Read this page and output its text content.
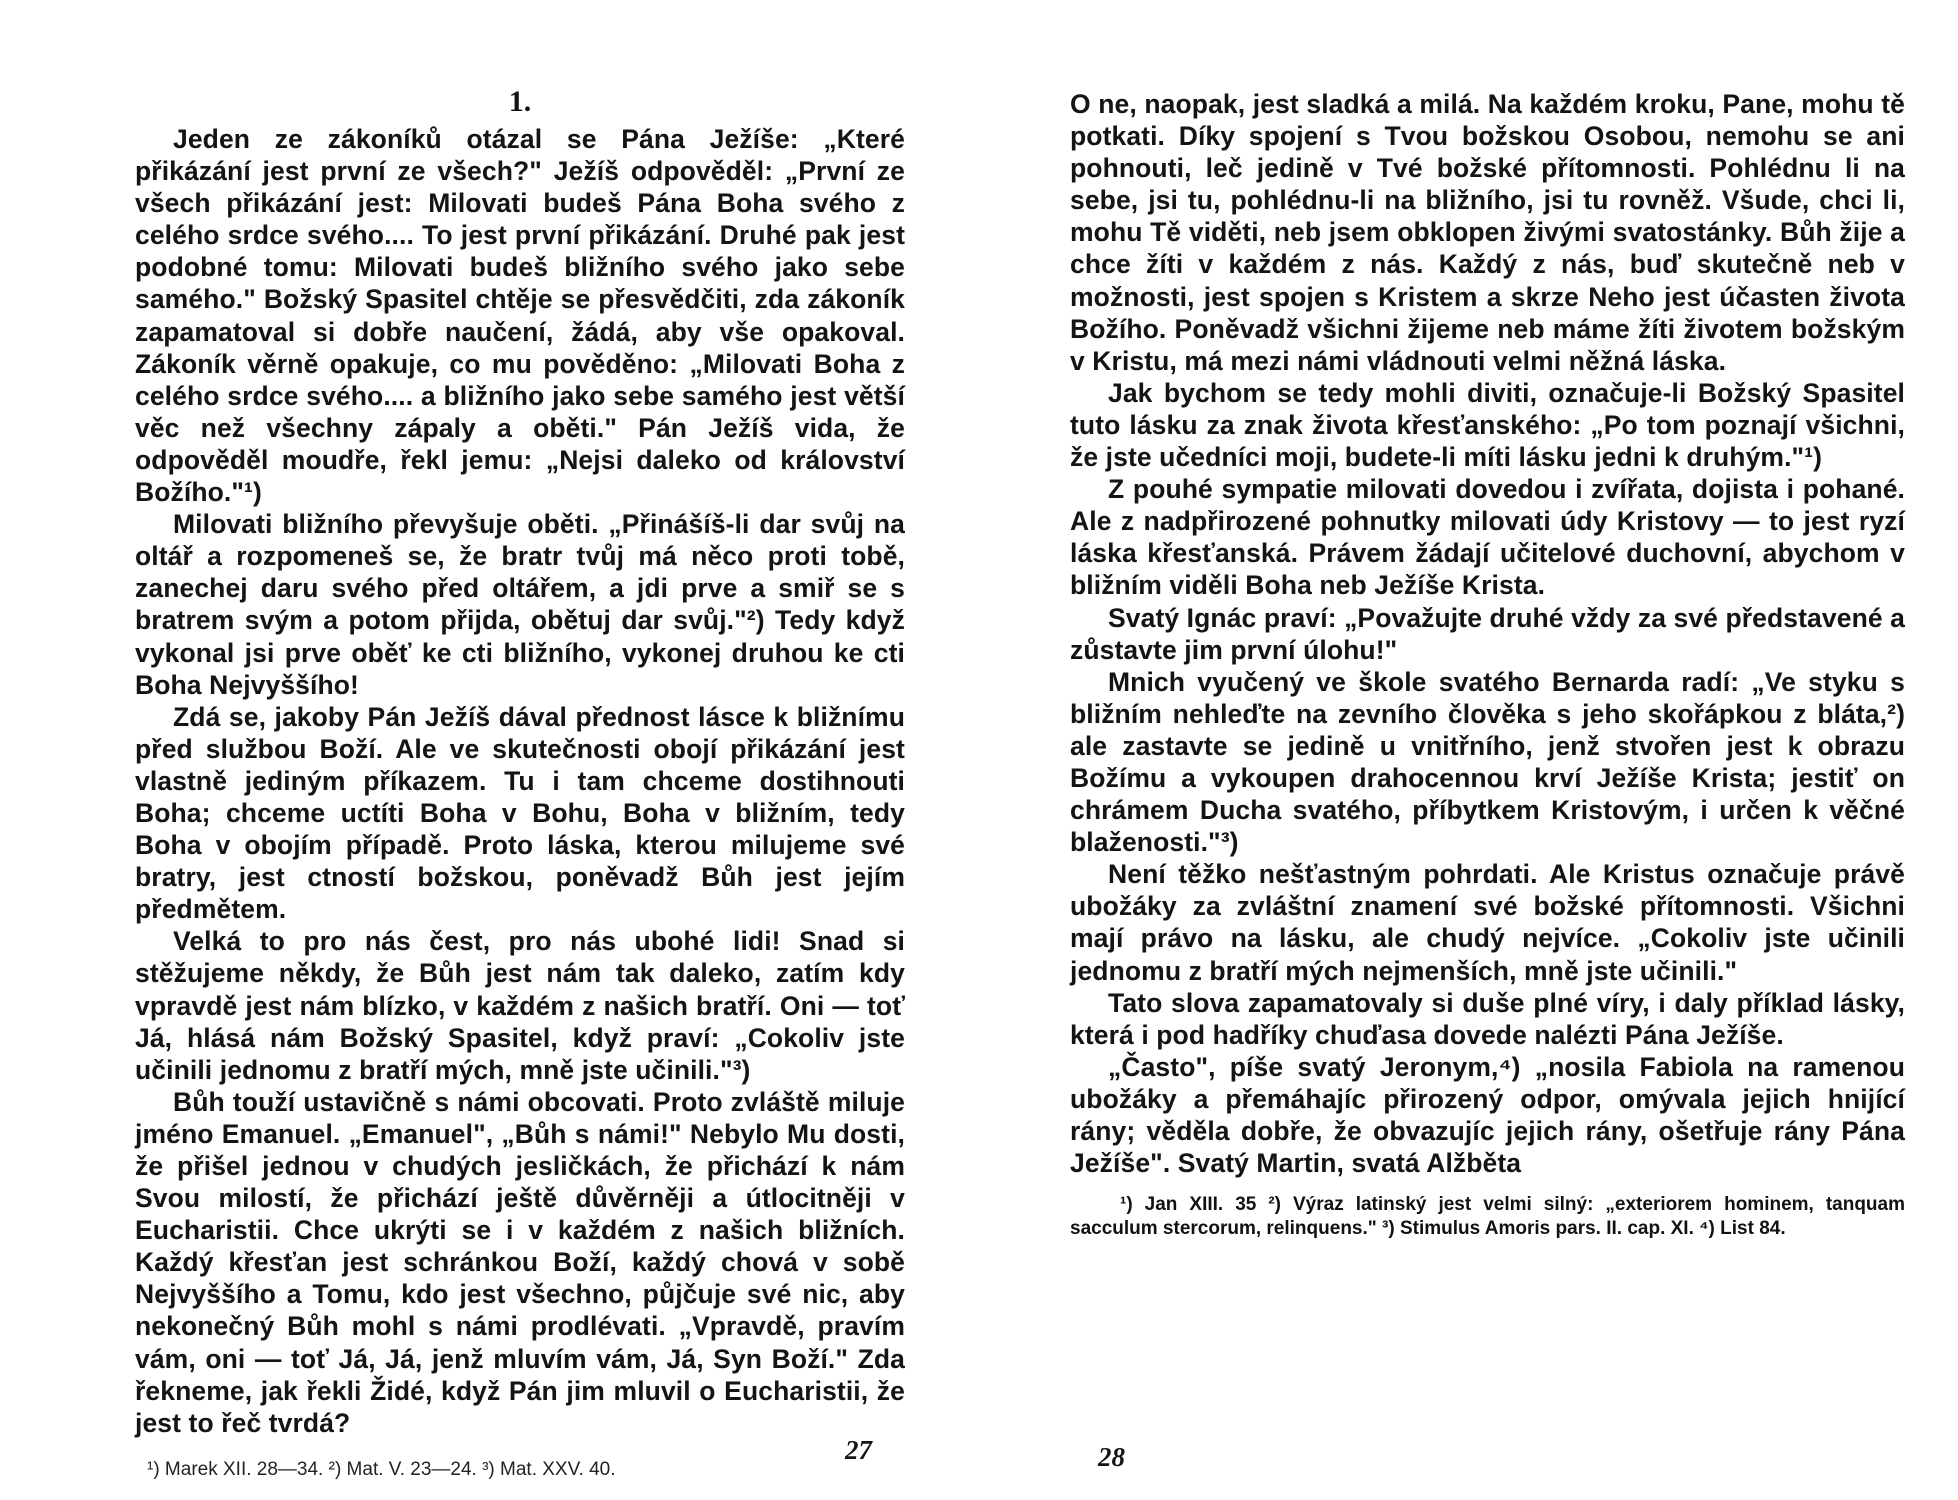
1.

Jeden ze zákoníků otázal se Pána Ježíše: „Které přikázání jest první ze všech?" Ježíš odpověděl: „První ze všech přikázání jest: Milovati budeš Pána Boha svého z celého srdce svého.... To jest první přikázání. Druhé pak jest podobné tomu: Milovati budeš bližního svého jako sebe samého." Božský Spasitel chtěje se přesvědčiti, zda zákoník zapamatoval si dobře naučení, žádá, aby vše opakoval. Zákoník věrně opakuje, co mu pověděno: „Milovati Boha z celého srdce svého.... a bližního jako sebe samého jest větší věc než všechny zápaly a oběti." Pán Ježíš vida, že odpověděl moudře, řekl jemu: „Nejsi daleko od království Božího."¹)

Milovati bližního převyšuje oběti. „Přinášíš-li dar svůj na oltář a rozpomeneš se, že bratr tvůj má něco proti tobě, zanechej daru svého před oltářem, a jdi prve a smiř se s bratrem svým a potom přijda, obětuj dar svůj."²) Tedy když vykonal jsi prve oběť ke cti bližního, vykonej druhou ke cti Boha Nejvyššího!

Zdá se, jakoby Pán Ježíš dával přednost lásce k bližnímu před službou Boží. Ale ve skutečnosti obojí přikázání jest vlastně jediným příkazem. Tu i tam chceme dostihnouti Boha; chceme uctíti Boha v Bohu, Boha v bližním, tedy Boha v obojím případě. Proto láska, kterou milujeme své bratry, jest ctností božskou, poněvadž Bůh jest jejím předmětem.

Velká to pro nás čest, pro nás ubohé lidi! Snad si stěžujeme někdy, že Bůh jest nám tak daleko, zatím kdy vpravdě jest nám blízko, v každém z našich bratří. Oni — toť Já, hlásá nám Božský Spasitel, když praví: „Cokoliv jste učinili jednomu z bratří mých, mně jste učinili."³)

Bůh touží ustavičně s námi obcovati. Proto zvláště miluje jméno Emanuel. „Emanuel", „Bůh s námi!" Nebylo Mu dosti, že přišel jednou v chudých jesličkách, že přichází k nám Svou milostí, že přichází ještě důvěrněji a útlocitněji v Eucharistii. Chce ukrýti se i v každém z našich bližních. Každý křesťan jest schránkou Boží, každý chová v sobě Nejvyššího a Tomu, kdo jest všechno, půjčuje své nic, aby nekonečný Bůh mohl s námi prodlévati. „Vpravdě, pravím vám, oni — toť Já, Já, jenž mluvím vám, Já, Syn Boží." Zda řekneme, jak řekli Židé, když Pán jim mluvil o Eucharistii, že jest to řeč tvrdá?

¹) Marek XII. 28—34. ²) Mat. V. 23—24. ³) Mat. XXV. 40.
27

O ne, naopak, jest sladká a milá. Na každém kroku, Pane, mohu tě potkati. Díky spojení s Tvou božskou Osobou, nemohu se ani pohnouti, leč jedině v Tvé božské přítomnosti. Pohlédnu li na sebe, jsi tu, pohlédnu-li na bližního, jsi tu rovněž. Všude, chci li, mohu Tě viděti, neb jsem obklopen živými svatostánky. Bůh žije a chce žíti v každém z nás. Každý z nás, buď skutečně neb v možnosti, jest spojen s Kristem a skrze Neho jest účasten života Božího. Poněvadž všichni žijeme neb máme žíti životem božským v Kristu, má mezi námi vládnouti velmi něžná láska.

Jak bychom se tedy mohli diviti, označuje-li Božský Spasitel tuto lásku za znak života křesťanského: „Po tom poznají všichni, že jste učedníci moji, budete-li míti lásku jedni k druhým."¹)

Z pouhé sympatie milovati dovedou i zvířata, dojista i pohané. Ale z nadpřirozené pohnutky milovati údy Kristovy — to jest ryzí láska křesťanská. Právem žádají učitelové duchovní, abychom v bližním viděli Boha neb Ježíše Krista.

Svatý Ignác praví: „Považujte druhé vždy za své představené a zůstavte jim první úlohu!"

Mnich vyučený ve škole svatého Bernarda radí: „Ve styku s bližním nehleďte na zevního člověka s jeho skořápkou z bláta,²) ale zastavte se jedině u vnitřního, jenž stvořen jest k obrazu Božímu a vykoupen drahocennou krví Ježíše Krista; jestiť on chrámem Ducha svatého, příbytkem Kristovým, i určen k věčné blaženosti."³)

Není těžko nešťastným pohrdati. Ale Kristus označuje právě ubožáky za zvláštní znamení své božské přítomnosti. Všichni mají právo na lásku, ale chudý nejvíce. „Cokoliv jste učinili jednomu z bratří mých nejmenších, mně jste učinili."

Tato slova zapamatovaly si duše plné víry, i daly příklad lásky, která i pod hadříky chuďasa dovede nalézti Pána Ježíše.

„Často", píše svatý Jeronym,⁴) „nosila Fabiola na ramenou ubožáky a přemáhajíc přirozený odpor, omývala jejich hnijící rány; věděla dobře, že obvazujíc jejich rány, ošetřuje rány Pána Ježíše". Svatý Martin, svatá Alžběta

¹) Jan XIII. 35 ²) Výraz latinský jest velmi silný: „exteriorem hominem, tanquam sacculum stercorum, relinquens." ³) Stimulus Amoris pars. II. cap. XI. ⁴) List 84.
28
